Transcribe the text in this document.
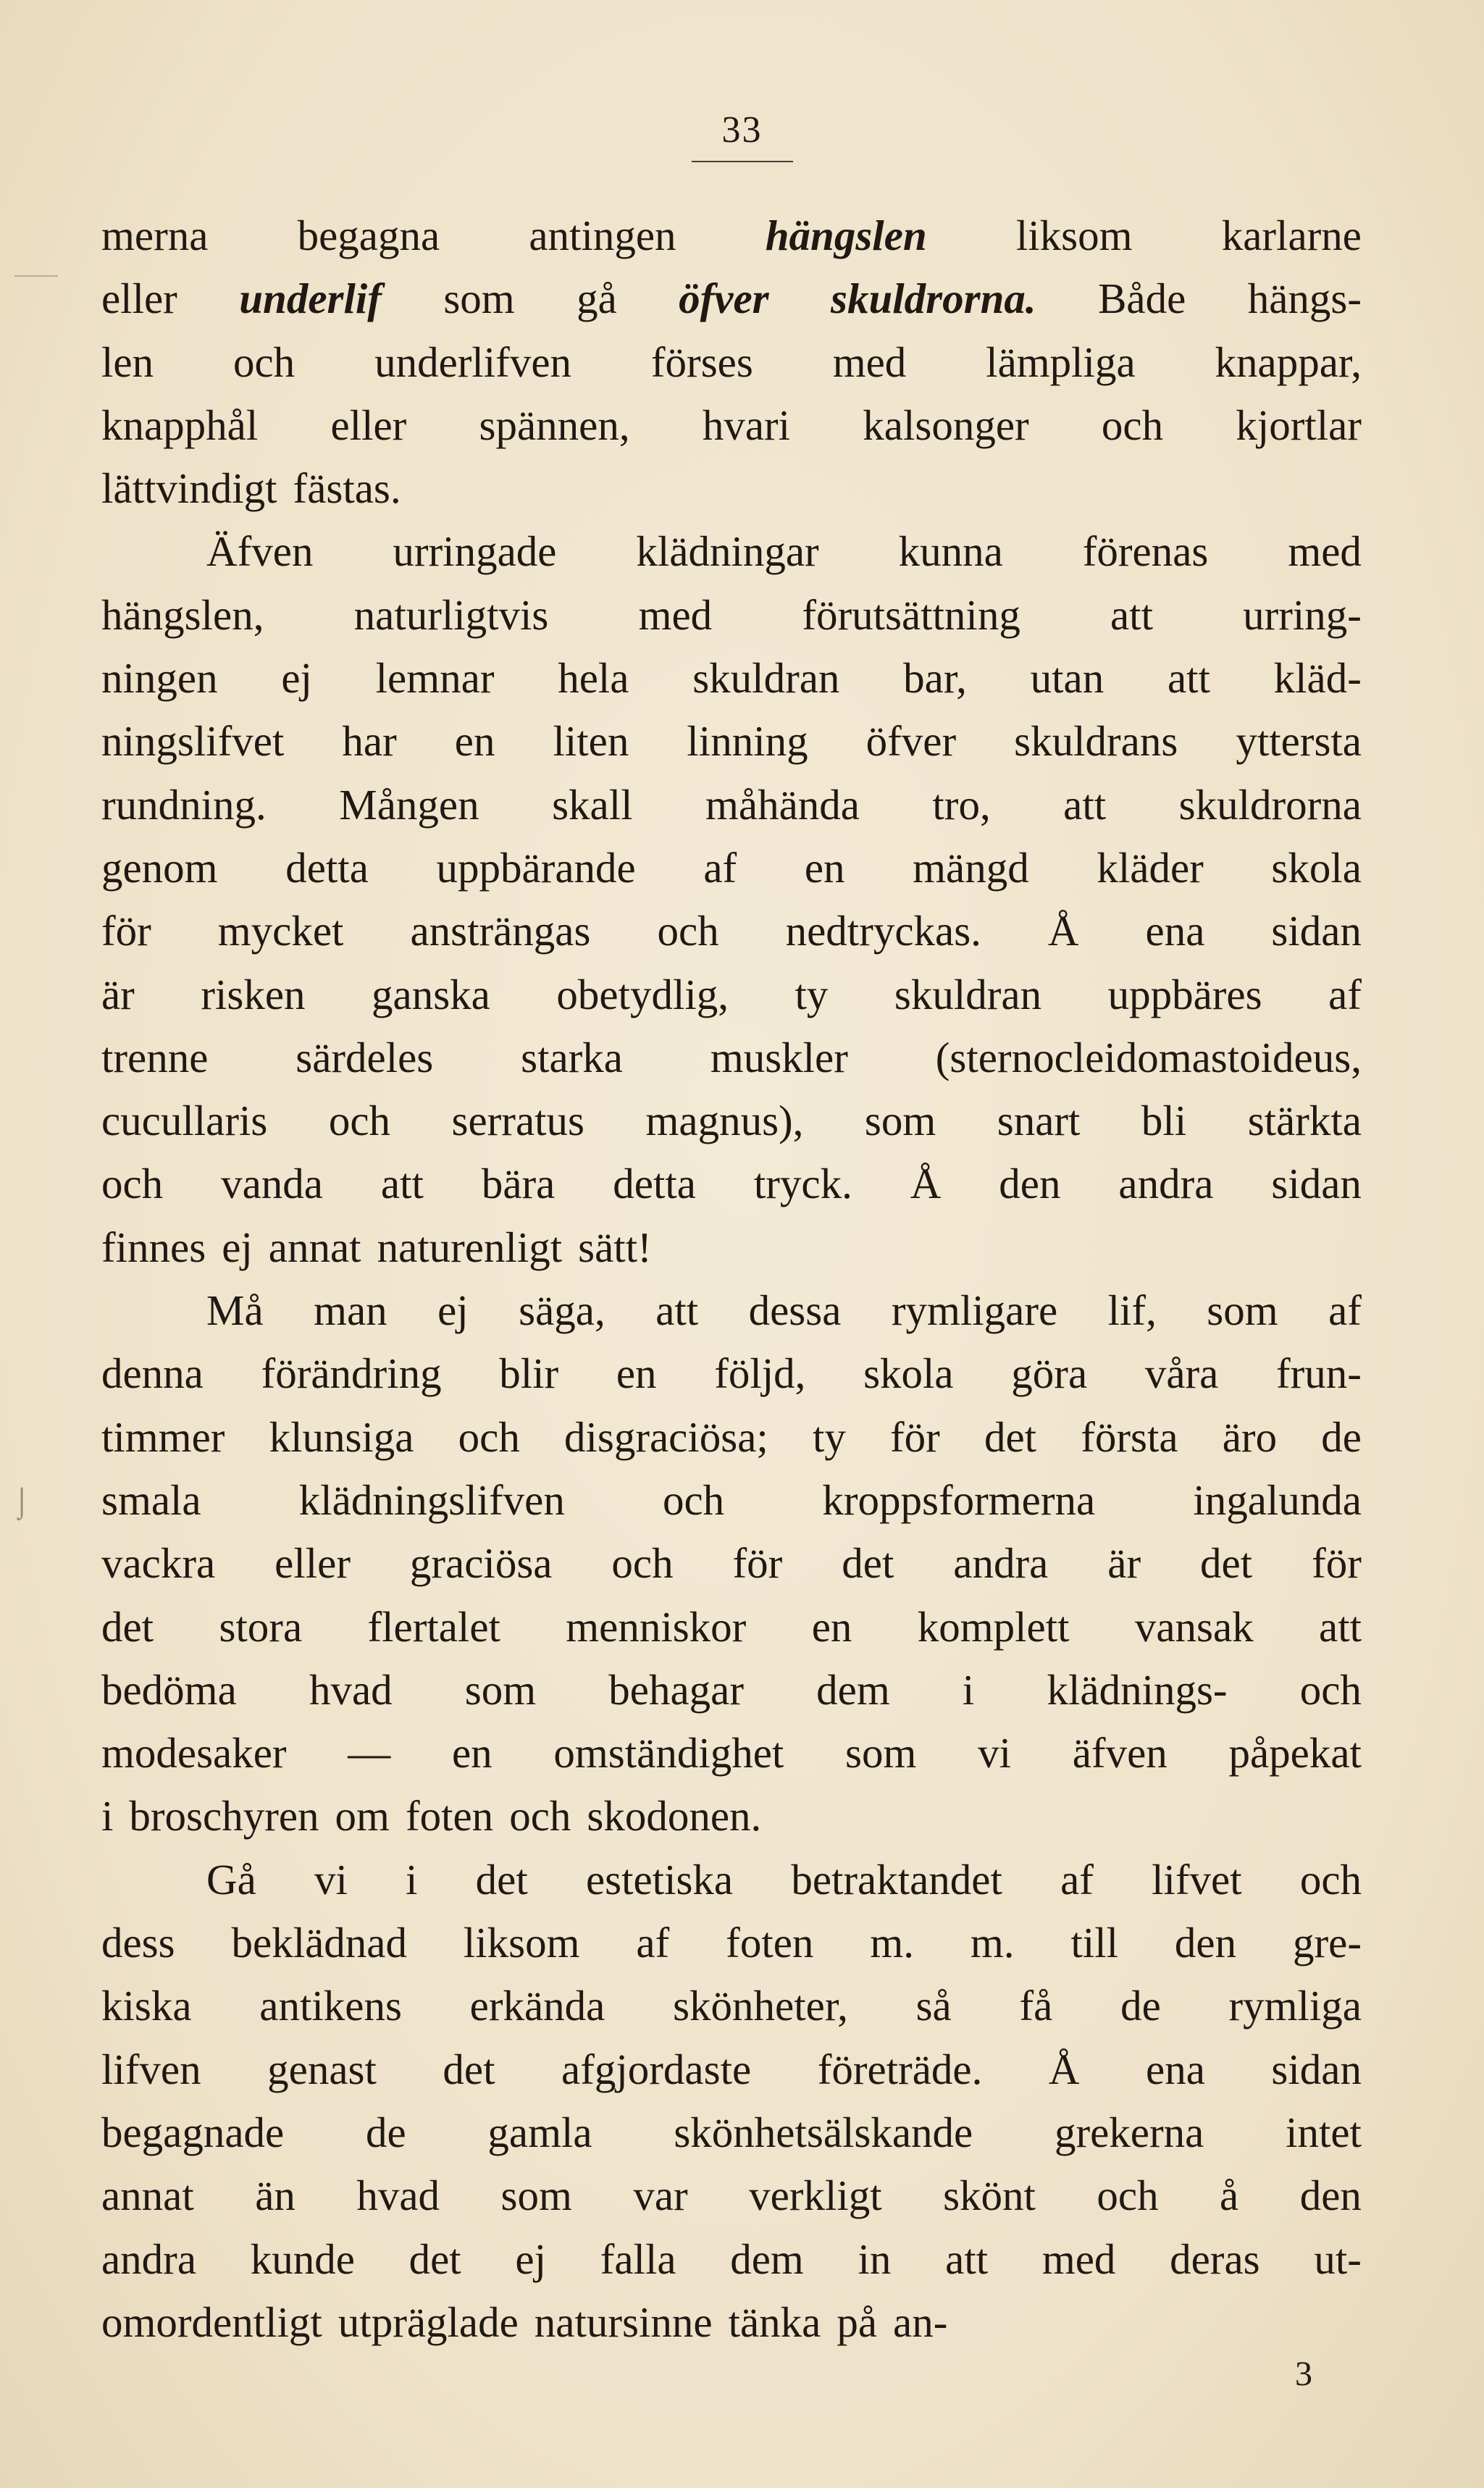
33
⌡
merna begagna antingen hängslen liksom karlarne
eller underlif som gå öfver skuldrorna. Både hängs-
len och underlifven förses med lämpliga knappar,
knapphål eller spännen, hvari kalsonger och kjortlar
lättvindigt fästas.
Äfven urringade klädningar kunna förenas med
hängslen, naturligtvis med förutsättning att urring-
ningen ej lemnar hela skuldran bar, utan att kläd-
ningslifvet har en liten linning öfver skuldrans yttersta
rundning. Mången skall måhända tro, att skuldrorna
genom detta uppbärande af en mängd kläder skola
för mycket ansträngas och nedtryckas. Å ena sidan
är risken ganska obetydlig, ty skuldran uppbäres af
trenne särdeles starka muskler (sternocleidomastoideus,
cucullaris och serratus magnus), som snart bli stärkta
och vanda att bära detta tryck. Å den andra sidan
finnes ej annat naturenligt sätt!
Må man ej säga, att dessa rymligare lif, som af
denna förändring blir en följd, skola göra våra frun-
timmer klunsiga och disgraciösa; ty för det första äro de
smala klädningslifven och kroppsformerna ingalunda
vackra eller graciösa och för det andra är det för
det stora flertalet menniskor en komplett vansak att
bedöma hvad som behagar dem i klädnings- och
modesaker — en omständighet som vi äfven påpekat
i broschyren om foten och skodonen.
Gå vi i det estetiska betraktandet af lifvet och
dess beklädnad liksom af foten m. m. till den gre-
kiska antikens erkända skönheter, så få de rymliga
lifven genast det afgjordaste företräde. Å ena sidan
begagnade de gamla skönhetsälskande grekerna intet
annat än hvad som var verkligt skönt och å den
andra kunde det ej falla dem in att med deras ut-
omordentligt utpräglade natursinne tänka på an-
3
